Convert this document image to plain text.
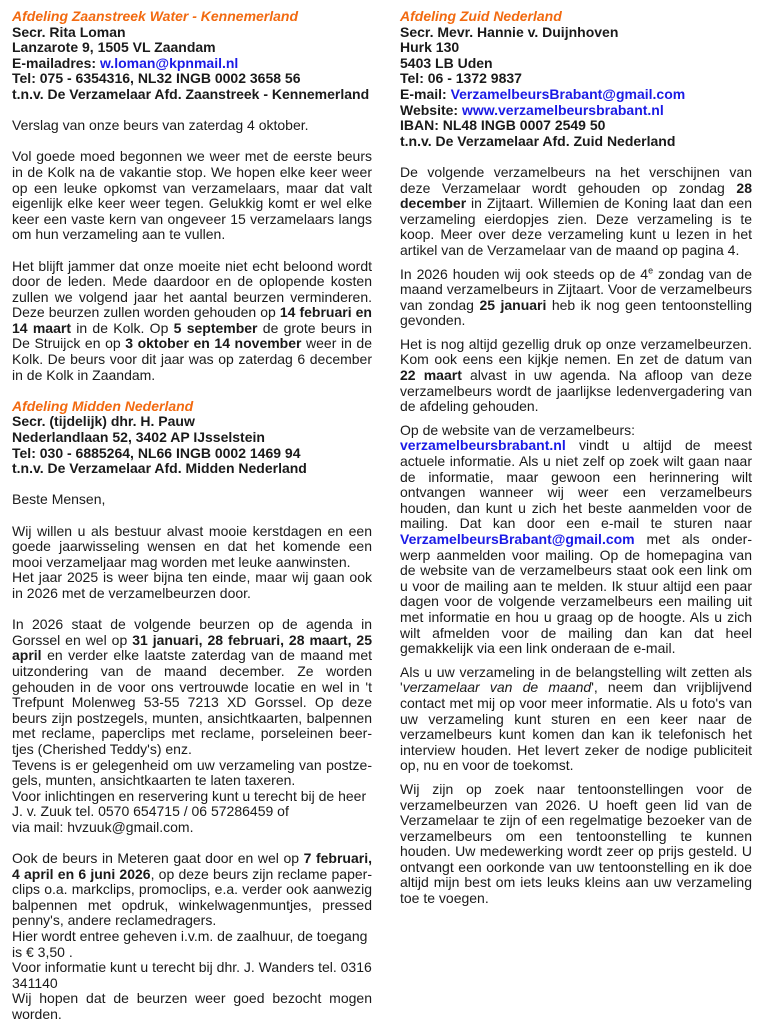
Afdeling Zaanstreek Water - Kennemerland
Secr. Rita Loman
Lanzarote 9, 1505 VL Zaandam
E-mailadres: w.loman@kpnmail.nl
Tel: 075 - 6354316, NL32 INGB 0002 3658 56
t.n.v. De Verzamelaar Afd. Zaanstreek - Kennemerland

Verslag van onze beurs van zaterdag 4 oktober.

Vol goede moed begonnen we weer met de eerste beurs in de Kolk na de vakantie stop. We hopen elke keer weer op een leuke opkomst van verzamelaars, maar dat valt eigenlijk elke keer weer tegen. Gelukkig komt er wel elke keer een vaste kern van ongeveer 15 verzamelaars langs om hun verzameling aan te vullen.

Het blijft jammer dat onze moeite niet echt beloond wordt door de leden. Mede daardoor en de oplopende kosten zullen we volgend jaar het aantal beurzen verminderen. Deze beurzen zullen worden gehouden op 14 februari en 14 maart in de Kolk. Op 5 september de grote beurs in De Struijck en op 3 oktober en 14 november weer in de Kolk. De beurs voor dit jaar was op zaterdag 6 december in de Kolk in Zaandam.

Afdeling Midden Nederland
Secr. (tijdelijk) dhr. H. Pauw
Nederlandlaan 52, 3402 AP IJsselstein
Tel: 030 - 6885264, NL66 INGB 0002 1469 94
t.n.v. De Verzamelaar Afd. Midden Nederland

Beste Mensen,

Wij willen u als bestuur alvast mooie kerstdagen en een goede jaarwisseling wensen en dat het komende een mooi verzameljaar mag worden met leuke aanwinsten.

Het jaar 2025 is weer bijna ten einde, maar wij gaan ook in 2026 met de verzamelbeurzen door.

In 2026 staat de volgende beurzen op de agenda in Gorssel en wel op 31 januari, 28 februari, 28 maart, 25 april en verder elke laatste zaterdag van de maand met uitzondering van de maand december. Ze worden gehouden in de voor ons vertrouwde locatie en wel in 't Trefpunt Molenweg 53-55 7213 XD Gorssel. Op deze beurs zijn postzegels, munten, ansichtkaarten, balpennen met reclame, paperclips met reclame, porseleinen beertjes (Cherished Teddy's) enz.

Tevens is er gelegenheid om uw verzameling van postzegels, munten, ansichtkaarten te laten taxeren.

Voor inlichtingen en reservering kunt u terecht bij de heer J. v. Zuuk tel. 0570 654715 / 06 57286459 of

via mail: hvzuuk@gmail.com.

Ook de beurs in Meteren gaat door en wel op 7 februari, 4 april en 6 juni 2026, op deze beurs zijn reclame paperclips o.a. markclips, promoclips, e.a. verder ook aanwezig balpennen met opdruk, winkelwagenmuntjes, pressed penny's, andere reclamedragers.

Hier wordt entree geheven i.v.m. de zaalhuur, de toegang is € 3,50 .

Voor informatie kunt u terecht bij dhr. J. Wanders tel. 0316 341140

Wij hopen dat de beurzen weer goed bezocht mogen worden.

Afdeling Zuid Nederland
Secr. Mevr. Hannie v. Duijnhoven
Hurk 130
5403 LB Uden
Tel: 06 - 1372 9837
E-mail: VerzamelbeursBrabant@gmail.com
Website: www.verzamelbeursbrabant.nl
IBAN: NL48 INGB 0007 2549 50
t.n.v. De Verzamelaar Afd. Zuid Nederland

De volgende verzamelbeurs na het verschijnen van deze Verzamelaar wordt gehouden op zondag 28 december in Zijtaart. Willemien de Koning laat dan een verzameling eierdopjes zien. Deze verzameling is te koop. Meer over deze verzameling kunt u lezen in het artikel van de Verzamelaar van de maand op pagina 4.

In 2026 houden wij ook steeds op de 4e zondag van de maand verzamelbeurs in Zijtaart. Voor de verzamelbeurs van zondag 25 januari heb ik nog geen tentoonstelling gevonden.

Het is nog altijd gezellig druk op onze verzamelbeurzen. Kom ook eens een kijkje nemen. En zet de datum van 22 maart alvast in uw agenda. Na afloop van deze verzamelbeurs wordt de jaarlijkse ledenvergadering van de afdeling gehouden.

Op de website van de verzamelbeurs:

verzamelbeursbrabant.nl vindt u altijd de meest actuele informatie. Als u niet zelf op zoek wilt gaan naar de informatie, maar gewoon een herinnering wilt ontvangen wanneer wij weer een verzamelbeurs houden, dan kunt u zich het beste aanmelden voor de mailing. Dat kan door een e-mail te sturen naar VerzamelbeursBrabant@gmail.com met als onderwerp aanmelden voor mailing. Op de homepagina van de website van de verzamelbeurs staat ook een link om u voor de mailing aan te melden. Ik stuur altijd een paar dagen voor de volgende verzamelbeurs een mailing uit met informatie en hou u graag op de hoogte. Als u zich wilt afmelden voor de mailing dan kan dat heel gemakkelijk via een link onderaan de e-mail.

Als u uw verzameling in de belangstelling wilt zetten als 'verzamelaar van de maand', neem dan vrijblijvend contact met mij op voor meer informatie. Als u foto's van uw verzameling kunt sturen en een keer naar de verzamelbeurs kunt komen dan kan ik telefonisch het interview houden. Het levert zeker de nodige publiciteit op, nu en voor de toekomst.

Wij zijn op zoek naar tentoonstellingen voor de verzamelbeurzen van 2026. U hoeft geen lid van de Verzamelaar te zijn of een regelmatige bezoeker van de verzamelbeurs om een tentoonstelling te kunnen houden. Uw medewerking wordt zeer op prijs gesteld. U ontvangt een oorkonde van uw tentoonstelling en ik doe altijd mijn best om iets leuks kleins aan uw verzameling toe te voegen.
